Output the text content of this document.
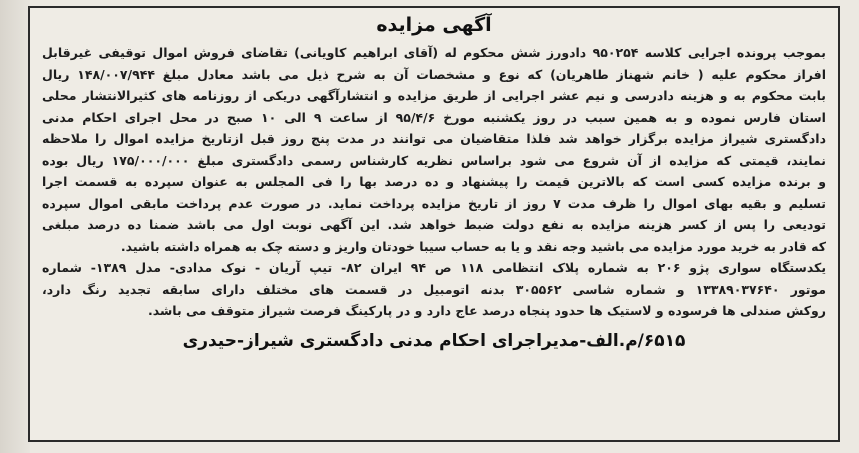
آگهی مزایده
بموجب پرونده اجرایی کلاسه ۹۵۰۲۵۴ دادورز شش محکوم له (آقای ابراهیم کاویانی) تقاضای فروش اموال توقیفی غیرقابل
افراز محکوم علیه ( خانم شهناز طاهریان) که نوع و مشخصات آن به شرح ذیل می باشد معادل مبلغ ۱۴۸/۰۰۷/۹۴۴ ریال
بابت محکوم به و هزینه دادرسی و نیم عشر اجرایی از طریق مزایده و انتشارآگهی دریکی از روزنامه های کثیرالانتشار محلی
استان فارس نموده و به همین سبب در روز یکشنبه مورخ ۹۵/۴/۶ از ساعت ۹ الی ۱۰ صبح در محل اجرای احکام مدنی
دادگستری شیراز مزایده برگزار خواهد شد فلذا متقاضیان می توانند در مدت پنج روز قبل ازتاریخ مزایده اموال را ملاحظه
نمایند، قیمتی که مزایده از آن شروع می شود براساس نظریه کارشناس رسمی دادگستری مبلغ ۱۷۵/۰۰۰/۰۰۰ ریال بوده
و برنده مزایده کسی است که بالاترین قیمت را پیشنهاد و ده درصد بها را فی المجلس به عنوان سپرده به قسمت اجرا
تسلیم و بقیه بهای اموال را ظرف مدت ۷ روز از تاریخ مزایده پرداخت نماید. در صورت عدم پرداخت مابقی اموال سپرده
تودیعی را پس از کسر هزینه مزایده به نفع دولت ضبط خواهد شد. این آگهی نوبت اول می باشد ضمنا ده درصد مبلغی
که قادر به خرید مورد مزایده می باشید وجه نقد و یا به حساب سیبا خودتان واریز و دسته چک به همراه داشته باشید.
یکدستگاه سواری پژو ۲۰۶ به شماره پلاک انتظامی ۱۱۸ ص ۹۴ ایران ۸۲- تیپ آریان - نوک مدادی- مدل ۱۳۸۹- شماره
موتور ۱۳۳۸۹۰۳۷۶۴۰ و شماره شاسی ۳۰۵۵۶۲ بدنه اتومبیل در قسمت های مختلف دارای سابقه تجدید رنگ دارد،
روکش صندلی ها فرسوده و لاستیک ها حدود پنجاه درصد عاج دارد و در پارکینگ فرصت شیراز متوقف می باشد.
۶۵۱۵/م.الف-مدیراجرای احکام مدنی دادگستری شیراز-حیدری
